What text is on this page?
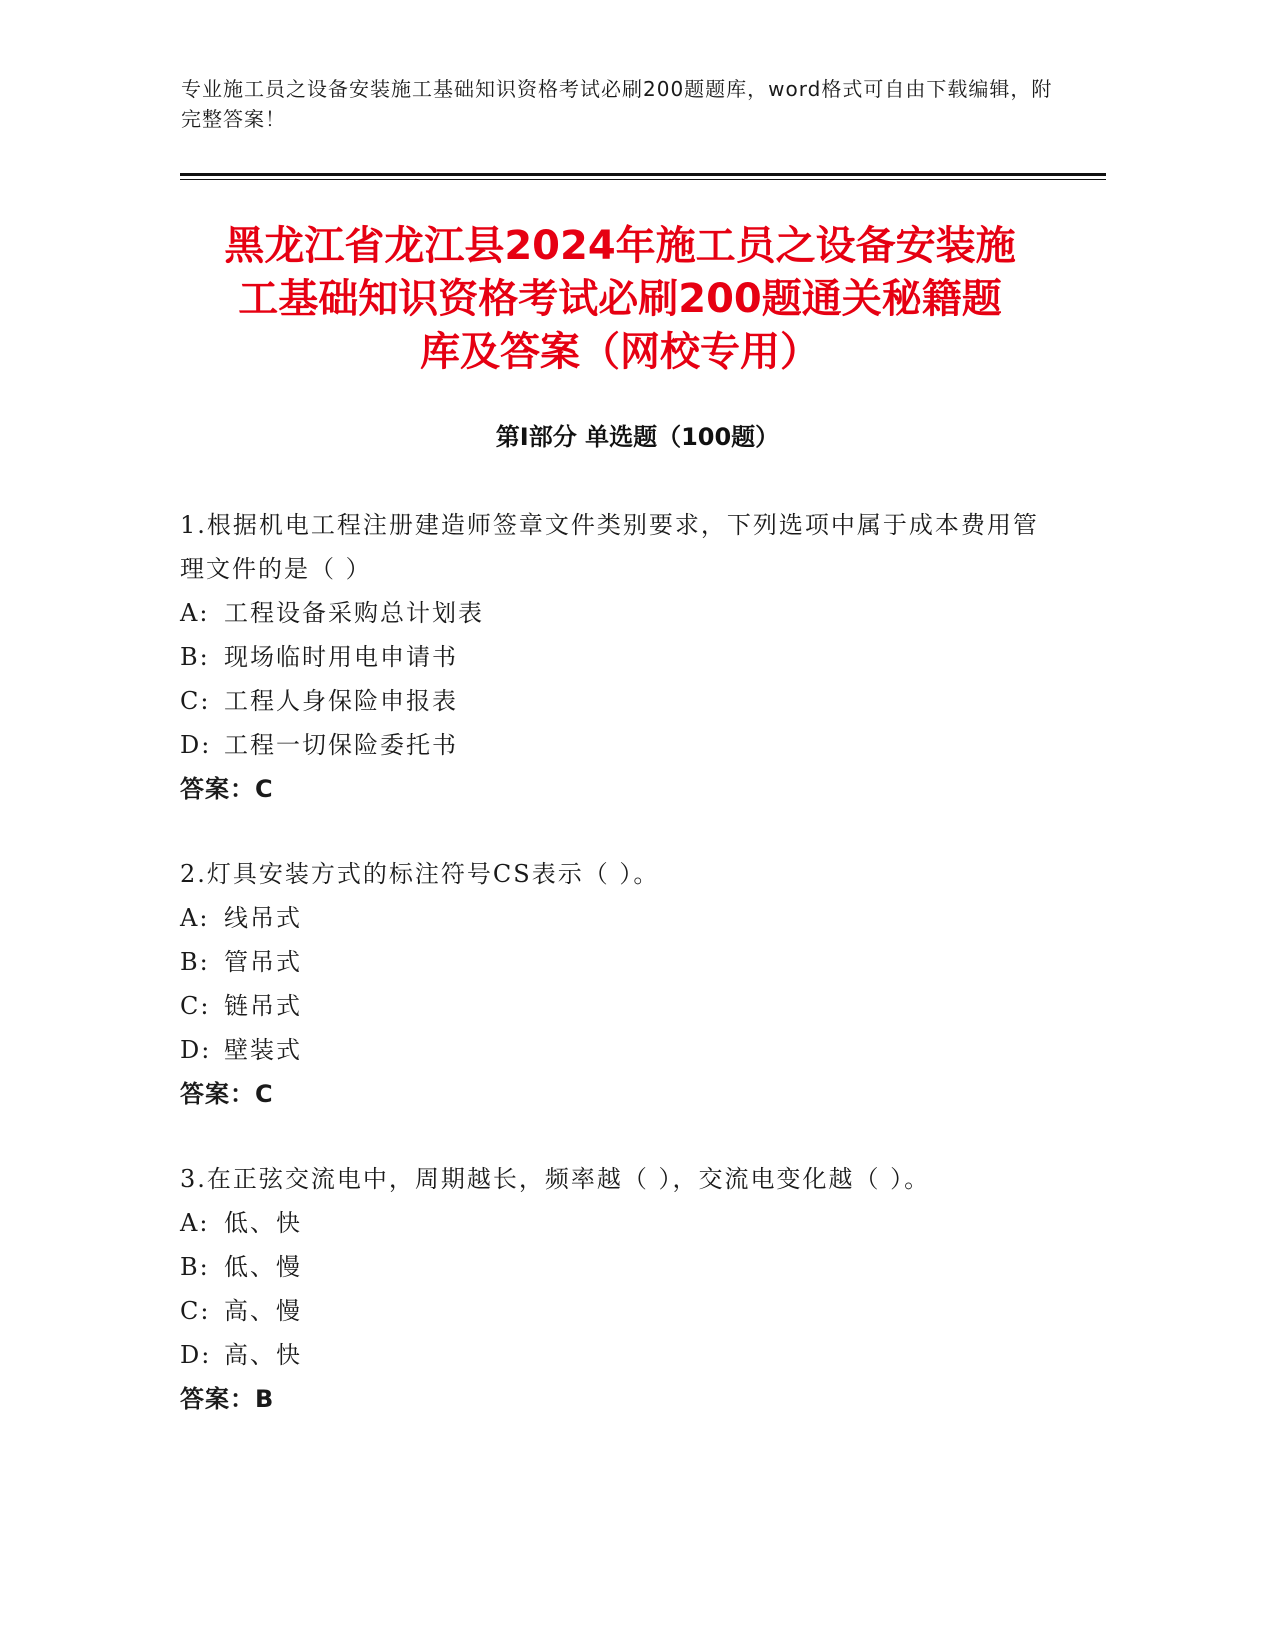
专业施工员之设备安装施工基础知识资格考试必刷200题题库，word格式可自由下载编辑，附完整答案！
黑龙江省龙江县2024年施工员之设备安装施
工基础知识资格考试必刷200题通关秘籍题
库及答案（网校专用）
第Ⅰ部分 单选题（100题）

1.根据机电工程注册建造师签章文件类别要求，下列选项中属于成本费用管理文件的是（ ）

A: 工程设备采购总计划表

B: 现场临时用电申请书

C: 工程人身保险申报表

D: 工程一切保险委托书

答案：C

2.灯具安装方式的标注符号CS表示（ ）。

A: 线吊式

B: 管吊式

C: 链吊式

D: 壁装式

答案：C

3.在正弦交流电中，周期越长，频率越（ ），交流电变化越（ ）。

A: 低、快

B: 低、慢

C: 高、慢

D: 高、快

答案：B
